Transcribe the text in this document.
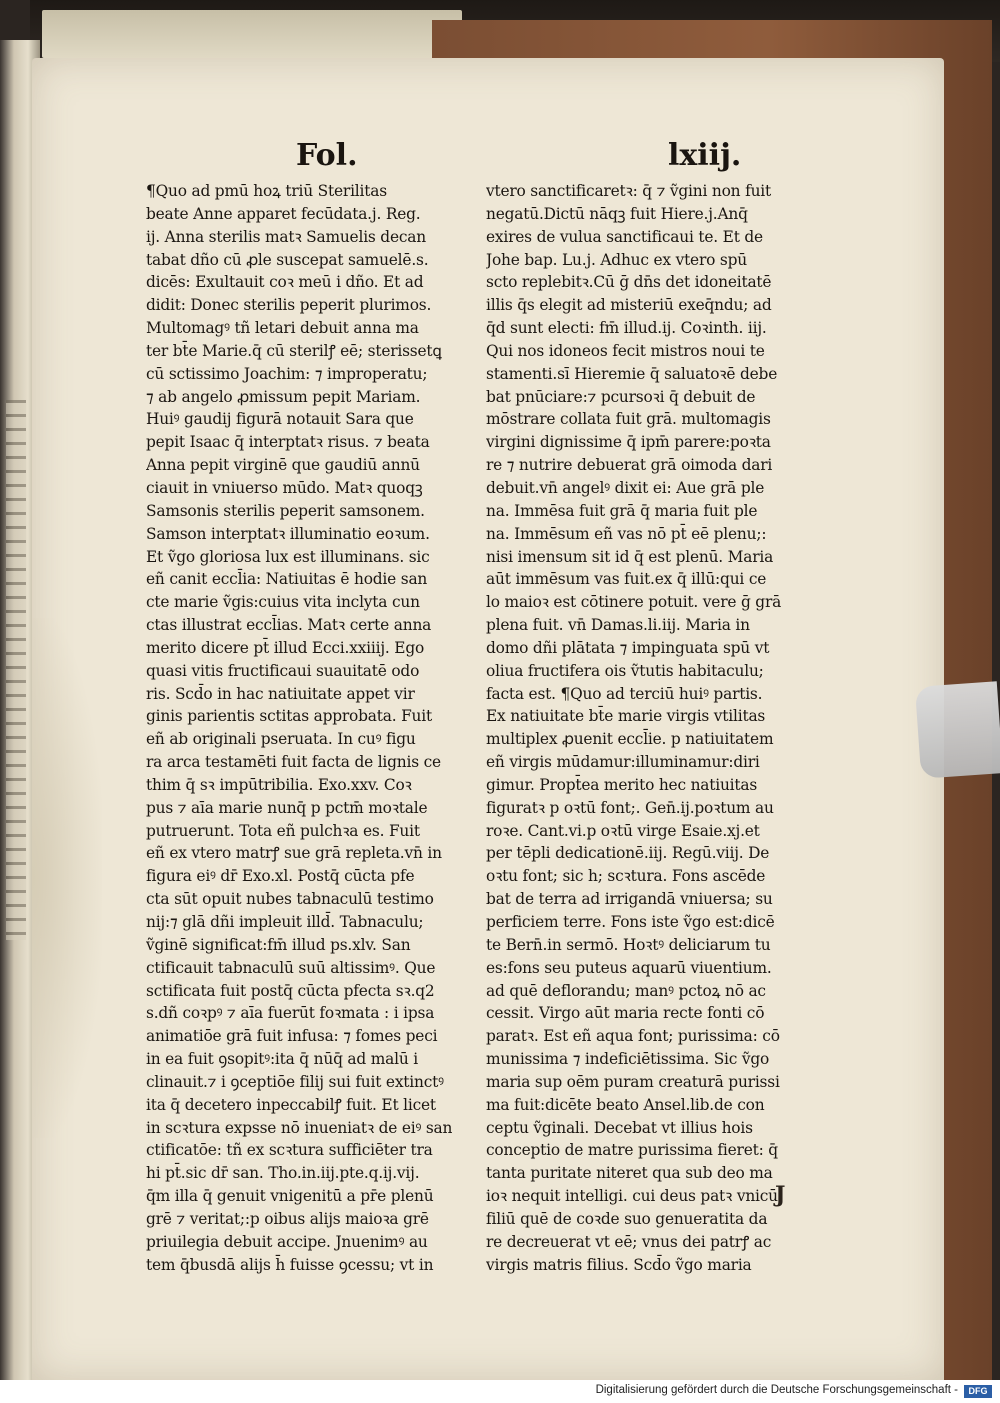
Fol.	lxiij.
¶Quo ad pmū hoꝝ triū Sterilitas
beate Anne apparet fecūdata.j. Reg.
ij. Anna sterilis matꝛ Samuelis decan
tabat dño cū ꝓle suscepat samuelē.s.
dicēs: Exultauit coꝛ meū i dño. Et ad
didit: Donec sterilis peperit plurimos.
Multomagꝰ tñ letari debuit anna ma
ter bt̄e Marie.q̄ cū sterilꝭ eē; sterissetꝗ
cū sctissimo Joachim: ⁊ improperatu;
⁊ ab angelo ꝓmissum pepit Mariam.
Huiꝰ gaudij figurā notauit Sara que
pepit Isaac q̄ interptatꝛ risus. ⁊ beata
Anna pepit virginē que gaudiū annū
ciauit in vniuerso mūdo. Matꝛ quoqꝫ
Samsonis sterilis peperit samsonem.
Samson interptatꝛ illuminatio eoꝛum.
Et ṽgo gloriosa lux est illuminans. sic
eñ canit eccl̄ia: Natiuitas ē hodie san
cte marie ṽgis:cuius vita inclyta cun
ctas illustrat eccl̄ias. Matꝛ certe anna
merito dicere pt̄ illud Ecci.xxiiij. Ego
quasi vitis fructificaui suauitatē odo
ris. Scd̄o in hac natiuitate appet vir
ginis parientis sctitas approbata. Fuit
eñ ab originali pseruata. In cuꝰ figu
ra arca testamēti fuit facta de lignis ce
thim q̄ sꝛ impūtribilia. Exo.xxv. Coꝛ
pus ⁊ aīa marie nunq̄ p pctm̄ moꝛtale
putruerunt. Tota eñ pulchꝛa es. Fuit
eñ ex vtero matrꝭ sue grā repleta.vn̄ in
figura eiꝰ dr̄ Exo.xl. Postq̄ cūcta pfe
cta sūt opuit nubes tabnaculū testimo
nij:⁊ glā dñi impleuit illd̄. Tabnaculu;
ṽginē significat:fm̄ illud ps.xlv. San
ctificauit tabnaculū suū altissimꝰ. Que
sctificata fuit postq̄ cūcta pfecta sꝛ.q2
s.dñ coꝛpꝰ ⁊ aīa fuerūt foꝛmata : i ipsa
animatiōe grā fuit infusa: ⁊ fomes peci
in ea fuit ꝯsopitꝰ:ita q̄ nūq̄ ad malū i
clinauit.⁊ i ꝯceptiōe filij sui fuit extinctꝰ
ita q̄ decetero inpeccabilꝭ fuit. Et licet
in scꝛtura expsse nō inueniatꝛ de eiꝰ san
ctificatōe: tñ ex scꝛtura sufficiēter tra
hi pt̄.sic dr̄ san. Tho.in.iij.pte.q.ij.vij.
q̄m illa q̄ genuit vnigenitū a pr̄e plenū
grē ⁊ veritat;:p oibus alijs maioꝛa grē
priuilegia debuit accipe. Jnuenimꝰ au
tem q̄busdā alijs h̄ fuisse ꝯcessu; vt in
vtero sanctificaretꝛ: q̄ ⁊ ṽgini non fuit
negatū.Dictū nāqꝫ fuit Hiere.j.Anq̄
exires de vulua sanctificaui te. Et de
Johe bap. Lu.j. Adhuc ex vtero spū
scto replebitꝛ.Cū ḡ dn̄s det idoneitatē
illis q̄s elegit ad misteriū exeq̄ndu; ad
q̄d sunt electi: fm̄ illud.ij. Coꝛinth. iij.
Qui nos idoneos fecit mistros noui te
stamenti.sī Hieremie q̄ saluatoꝛē debe
bat pnūciare:⁊ pcursoꝛi q̄ debuit de
mōstrare collata fuit grā. multomagis
virgini dignissime q̄ ipm̄ parere:poꝛta
re ⁊ nutrire debuerat grā oimoda dari
debuit.vn̄ angelꝰ dixit ei: Aue grā ple
na. Immēsa fuit grā q̄ maria fuit ple
na. Immēsum eñ vas nō pt̄ eē plenu;:
nisi imensum sit id q̄ est plenū. Maria
aūt immēsum vas fuit.ex q̄ illū:qui ce
lo maioꝛ est cōtinere potuit. vere ḡ grā
plena fuit. vn̄ Damas.li.iij. Maria in
domo dñi plātata ⁊ impinguata spū vt
oliua fructifera ois ṽtutis habitaculu;
facta est. ¶Quo ad terciū huiꝰ partis.
Ex natiuitate bt̄e marie virgis vtilitas
multiplex ꝓuenit eccl̄ie. p natiuitatem
eñ virgis mūdamur:illuminamur:diri
gimur. Propt̄ea merito hec natiuitas
figuratꝛ p oꝛtū font;. Gen̄.ij.poꝛtum au
roꝛe. Cant.vi.p oꝛtū virge Esaie.xj.et
per tēpli dedicationē.iij. Regū.viij. De
oꝛtu font; sic h; scꝛtura. Fons ascēde
bat de terra ad irrigandā vniuersa; su
perficiem terre. Fons iste ṽgo est:dicē
te Bern̄.in sermō. Hoꝛtꝰ deliciarum tu
es:fons seu puteus aquarū viuentium.
ad quē deflorandu; manꝰ pctoꝝ nō ac
cessit. Virgo aūt maria recte fonti cō
paratꝛ. Est eñ aqua font; purissima: cō
munissima ⁊ indeficiētissima. Sic ṽgo
maria sup oēm puram creaturā purissi
ma fuit:dicēte beato Ansel.lib.de con
ceptu ṽginali. Decebat vt illius hois
conceptio de matre purissima fieret: q̄
tanta puritate niteret qua sub deo ma
ioꝛ nequit intelligi. cui deus patꝛ vnicū
filiū quē de coꝛde suo genueratita da
re decreuerat vt eē; vnus dei patrꝭ ac
virgis matris filius. Scd̄o ṽgo maria
J
Digitalisierung gefördert durch die Deutsche Forschungsgemeinschaft -	DFG
